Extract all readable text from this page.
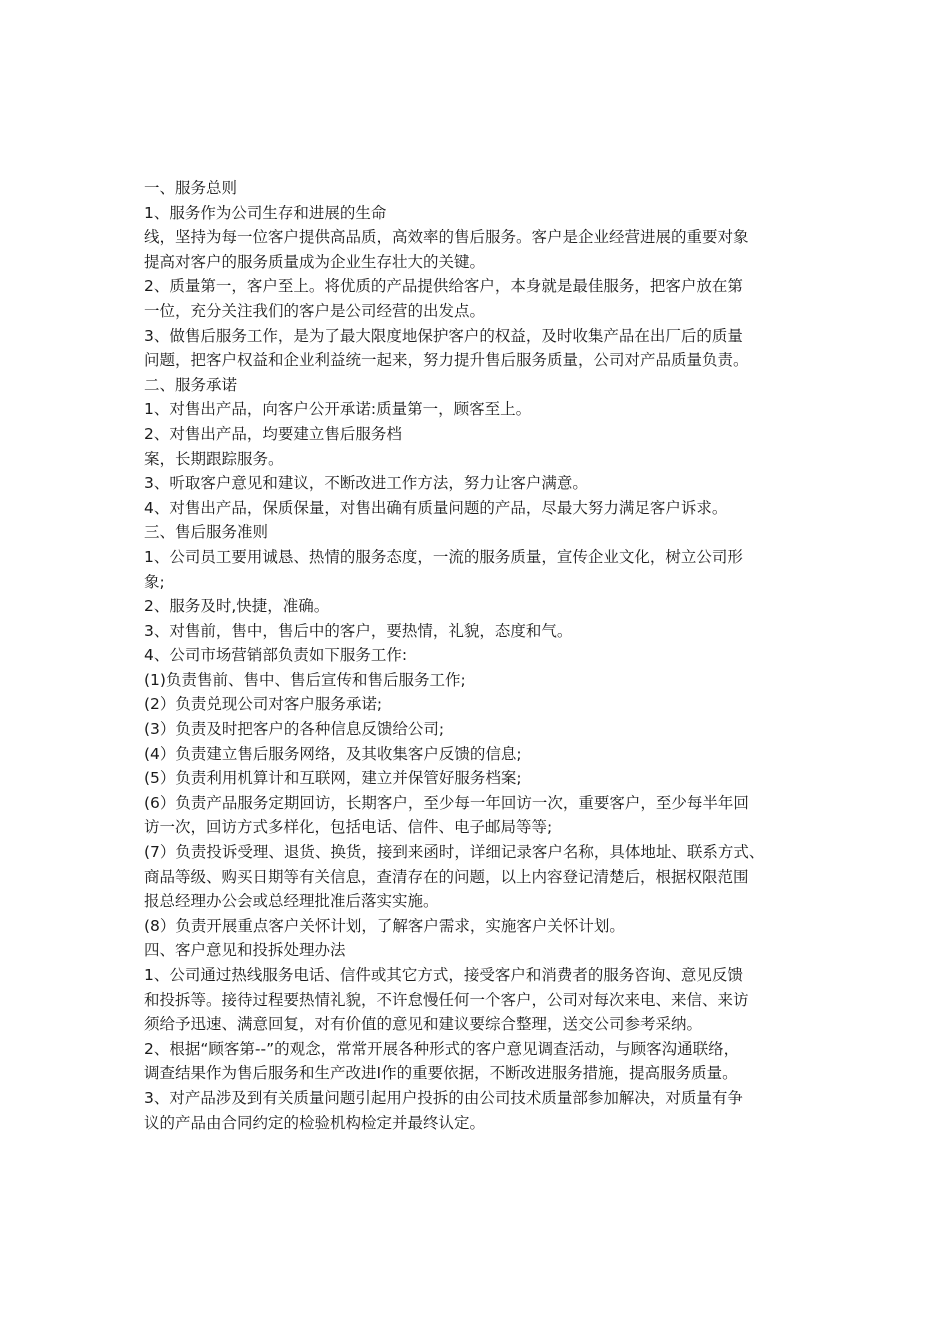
一、服务总则
1、服务作为公司生存和进展的生命
线，坚持为每一位客户提供高品质，高效率的售后服务。客户是企业经营进展的重要对象
提高对客户的服务质量成为企业生存壮大的关键。
2、质量第一，客户至上。将优质的产品提供给客户，本身就是最佳服务，把客户放在第
一位，充分关注我们的客户是公司经营的出发点。
3、做售后服务工作，是为了最大限度地保护客户的权益，及时收集产品在出厂后的质量
问题，把客户权益和企业利益统一起来，努力提升售后服务质量，公司对产品质量负责。
二、服务承诺
1、对售出产品，向客户公开承诺:质量第一，顾客至上。
2、对售出产品，均要建立售后服务档
案，长期跟踪服务。
3、听取客户意见和建议，不断改进工作方法，努力让客户满意。
4、对售出产品，保质保量，对售出确有质量问题的产品，尽最大努力满足客户诉求。
三、售后服务准则
1、公司员工要用诚恳、热情的服务态度，一流的服务质量，宣传企业文化，树立公司形
象;
2、服务及时,快捷，准确。
3、对售前，售中，售后中的客户，要热情，礼貌，态度和气。
4、公司市场营销部负责如下服务工作:
(1)负责售前、售中、售后宣传和售后服务工作;
(2）负责兑现公司对客户服务承诺;
(3）负责及时把客户的各种信息反馈给公司;
(4）负责建立售后服务网络，及其收集客户反馈的信息;
(5）负责利用机算计和互联网，建立并保管好服务档案;
(6）负责产品服务定期回访，长期客户，至少每一年回访一次，重要客户，至少每半年回
访一次，回访方式多样化，包括电话、信件、电子邮局等等;
(7）负责投诉受理、退货、换货，接到来函时，详细记录客户名称，具体地址、联系方式、
商品等级、购买日期等有关信息，查清存在的问题，以上内容登记清楚后，根据权限范围
报总经理办公会或总经理批准后落实实施。
(8）负责开展重点客户关怀计划，了解客户需求，实施客户关怀计划。
四、客户意见和投拆处理办法
1、公司通过热线服务电话、信件或其它方式，接受客户和消费者的服务咨询、意见反馈
和投拆等。接待过程要热情礼貌，不许怠慢任何一个客户，公司对每次来电、来信、来访
须给予迅速、满意回复，对有价值的意见和建议要综合整理，送交公司参考采纳。
2、根据“顾客第--”的观念，常常开展各种形式的客户意见调查活动，与顾客沟通联络，
调查结果作为售后服务和生产改进Ⅰ作的重要依据，不断改进服务措施，提高服务质量。
3、对产品涉及到有关质量问题引起用户投拆的由公司技术质量部参加解决，对质量有争
议的产品由合同约定的检验机构检定并最终认定。
